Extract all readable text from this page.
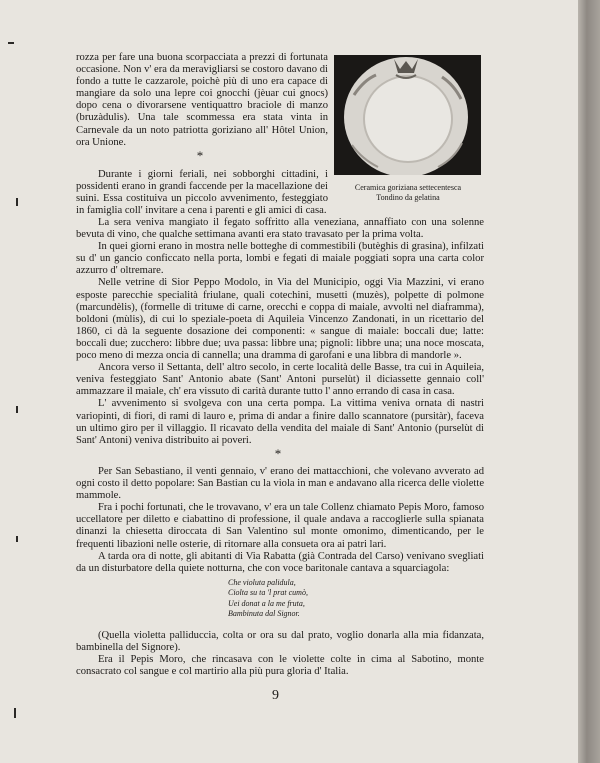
rozza per fare una buona scorpacciata a prezzi di fortunata occasione. Non v' era da meravigliarsi se costoro davano di fondo a tutte le cazzarole, poichè più di uno era capace di mangiare da solo una lepre coi gnocchi (jèuar cui gnocs) dopo cena o divorarsene ventiquattro braciole di manzo (bruzàdulis). Una tale scommessa era stata vinta in Carnevale da un noto patriotta goriziano all' Hôtel Union, ora Unione.

*

Durante i giorni feriali, nei sobborghi cittadini, i possidenti erano in grandi faccende per la macellazione dei suini. Essa costituiva un piccolo avvenimento, festeggiato in famiglia coll' invitare a cena i parenti e gli amici di casa.

Ceramica goriziana settecentesca
Tondino da gelatina

La sera veniva mangiato il fegato soffritto alla veneziana, annaffiato con una solenne bevuta di vino, che qualche settimana avanti era stato travasato per la prima volta.

In quei giorni erano in mostra nelle botteghe di commestibili (butèghis di grasina), infilzati su d' un gancio conficcato nella porta, lombi e fegati di maiale poggiati sopra una carta color azzurro d' oltremare.

Nelle vetrine di Sior Peppo Modolo, in Via del Municipio, oggi Via Mazzini, vi erano esposte parecchie specialità friulane, quali cotechini, musetti (muzès), polpette di polmone (marcundèlis), (formelle di trituме di carne, orecchi e coppa di maiale, avvolti nel diaframma), boldoni (mùlis), di cui lo speziale-poeta di Aquileia Vincenzo Zandonati, in un ricettario del 1860, ci dà la seguente dosazione dei componenti: « sangue di maiale: boccali due; latte: boccali due; zucchero: libbre due; uva passa: libbre una; pignoli: libbre una; una noce moscata, poco meno di mezza oncia di cannella; una dramma di garofani e una libbra di mandorle ».

Ancora verso il Settanta, dell' altro secolo, in certe località delle Basse, tra cui in Aquileia, veniva festeggiato Sant' Antonio abate (Sant' Antoni purselùt) il diciassette gennaio coll' ammazzare il maiale, ch' era vissuto di carità durante tutto l' anno errando di casa in casa.

L' avvenimento si svolgeva con una certa pompa. La vittima veniva ornata di nastri variopinti, di fiori, di rami di lauro e, prima di andar a finire dallo scannatore (pursitàr), faceva un ultimo giro per il villaggio. Il ricavato della vendita del maiale di Sant' Antonio (purselùt di Sant' Antoni) veniva distribuito ai poveri.

*

Per San Sebastiano, il venti gennaio, v' erano dei mattacchioni, che volevano avverato ad ogni costo il detto popolare: San Bastian cu la viola in man e andavano alla ricerca delle violette mammole.

Fra i pochi fortunati, che le trovavano, v' era un tale Collenz chiamato Pepis Moro, famoso uccellatore per diletto e ciabattino di professione, il quale andava a raccoglierle sulla spianata dinanzi la chiesetta diroccata di San Valentino sul monte omonimo, dimenticando, per le frequenti libazioni nelle osterie, di ritornare alla consueta ora ai patri lari.

A tarda ora di notte, gli abitanti di Via Rabatta (già Contrada del Carso) venivano svegliati da un disturbatore della quiete notturna, che con voce baritonale cantava a squarciagola:

Che violuta palidula,
Ciolta su ta 'l prat cumò,
Uei donat a la me fruta,
Bambinuta dal Signor.

(Quella violetta palliduccia, colta or ora su dal prato, voglio donarla alla mia fidanzata, bambinella del Signore).

Era il Pepis Moro, che rincasava con le violette colte in cima al Sabotino, monte consacrato col sangue e col martirio alla più pura gloria d' Italia.

9
